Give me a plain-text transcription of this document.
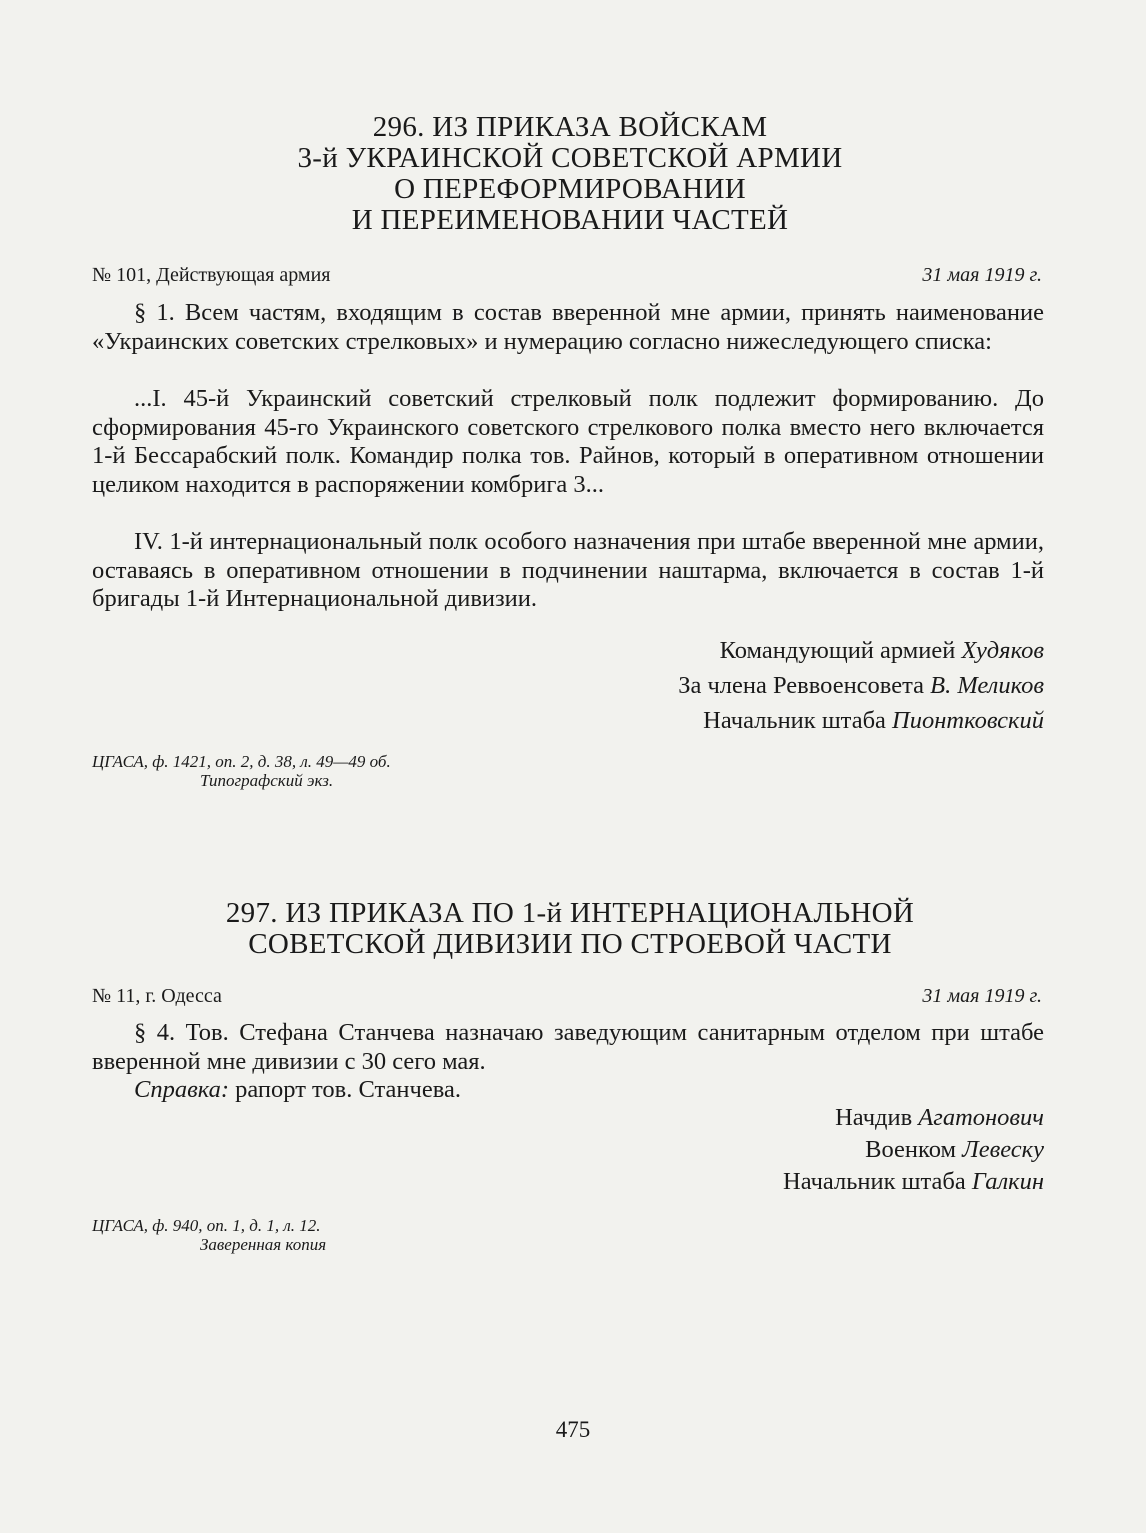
296. ИЗ ПРИКАЗА ВОЙСКАМ
3-й УКРАИНСКОЙ СОВЕТСКОЙ АРМИИ
О ПЕРЕФОРМИРОВАНИИ
И ПЕРЕИМЕНОВАНИИ ЧАСТЕЙ
№ 101, Действующая армия	31 мая 1919 г.

§ 1. Всем частям, входящим в состав вверенной мне армии, принять наименование «Украинских советских стрелковых» и нумерацию согласно нижеследующего списка:

...I. 45-й Украинский советский стрелковый полк подлежит формированию. До сформирования 45-го Украинского советского стрелкового полка вместо него включается 1-й Бессарабский полк. Командир полка тов. Райнов, который в оперативном отношении целиком находится в распоряжении комбрига 3...

IV. 1-й интернациональный полк особого назначения при штабе вверенной мне армии, оставаясь в оперативном отношении в подчинении наштарма, включается в состав 1-й бригады 1-й Интернациональной дивизии.

Командующий армией Худяков
За члена Реввоенсовета В. Меликов
Начальник штаба Пионтковский
ЦГАСА, ф. 1421, оп. 2, д. 38, л. 49—49 об.
Типографский экз.
297. ИЗ ПРИКАЗА ПО 1-й ИНТЕРНАЦИОНАЛЬНОЙ
СОВЕТСКОЙ ДИВИЗИИ ПО СТРОЕВОЙ ЧАСТИ
№ 11, г. Одесса	31 мая 1919 г.

§ 4. Тов. Стефана Станчева назначаю заведующим санитарным отделом при штабе вверенной мне дивизии с 30 сего мая.

Справка: рапорт тов. Станчева.
Начдив Агатонович
Военком Левеску
Начальник штаба Галкин
ЦГАСА, ф. 940, оп. 1, д. 1, л. 12.
Заверенная копия
475
